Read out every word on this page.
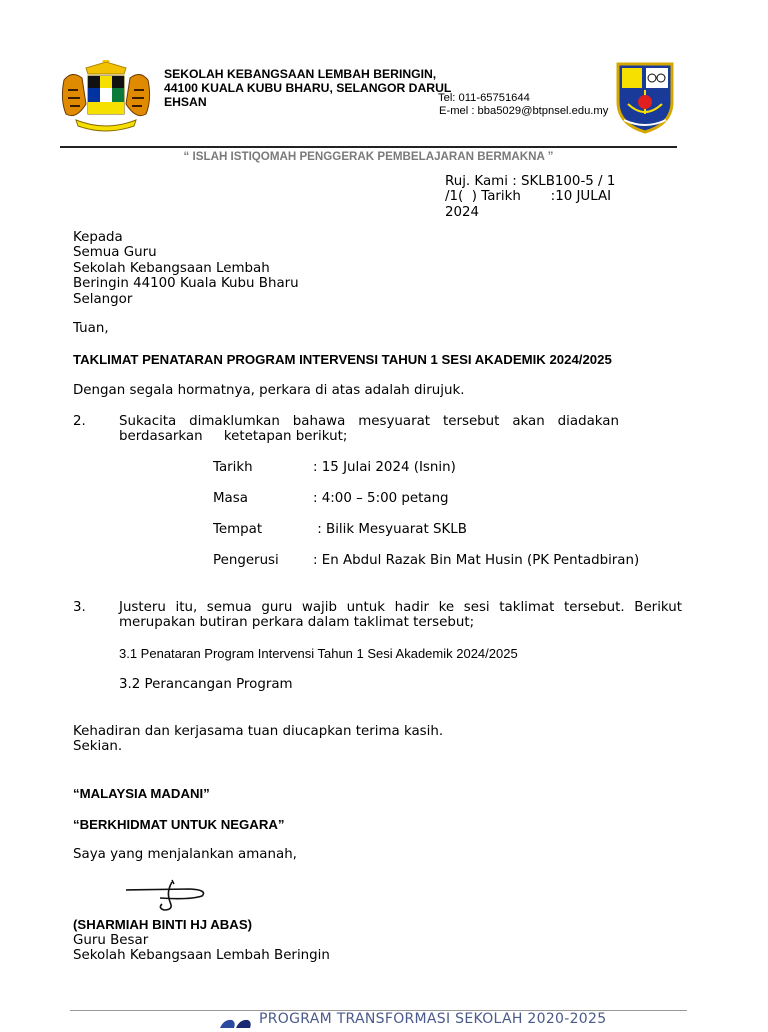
SEKOLAH KEBANGSAAN LEMBAH BERINGIN, 44100 KUALA KUBU BHARU, SELANGOR DARUL EHSAN	Tel: 011-65751644
E-mel : bba5029@btpnsel.edu.my
“ ISLAH ISTIQOMAH PENGGERAK PEMBELAJARAN BERMAKNA ”
Ruj. Kami : SKLB100-5 / 1
/1(  ) Tarikh       :10 JULAI
2024
Kepada
Semua Guru
Sekolah Kebangsaan Lembah
Beringin 44100 Kuala Kubu Bharu
Selangor
Tuan,
TAKLIMAT PENATARAN PROGRAM INTERVENSI TAHUN 1 SESI AKADEMIK 2024/2025
Dengan segala hormatnya, perkara di atas adalah dirujuk.
2. Sukacita dimaklumkan bahawa mesyuarat tersebut akan diadakan
berdasarkan     ketetapan berikut;
Tarikh	: 15 Julai 2024 (Isnin)
Masa	: 4:00 – 5:00 petang
Tempat	: Bilik Mesyuarat SKLB
Pengerusi	: En Abdul Razak Bin Mat Husin (PK Pentadbiran)
3. Justeru itu, semua guru wajib untuk hadir ke sesi taklimat tersebut. Berikut merupakan butiran perkara dalam taklimat tersebut;
3.1 Penataran Program Intervensi Tahun 1 Sesi Akademik 2024/2025
3.2 Perancangan Program
Kehadiran dan kerjasama tuan diucapkan terima kasih.
Sekian.
“MALAYSIA MADANI”
“BERKHIDMAT UNTUK NEGARA”
Saya yang menjalankan amanah,
(SHARMIAH BINTI HJ ABAS)
Guru Besar
Sekolah Kebangsaan Lembah Beringin
PROGRAM TRANSFORMASI SEKOLAH 2020-2025
